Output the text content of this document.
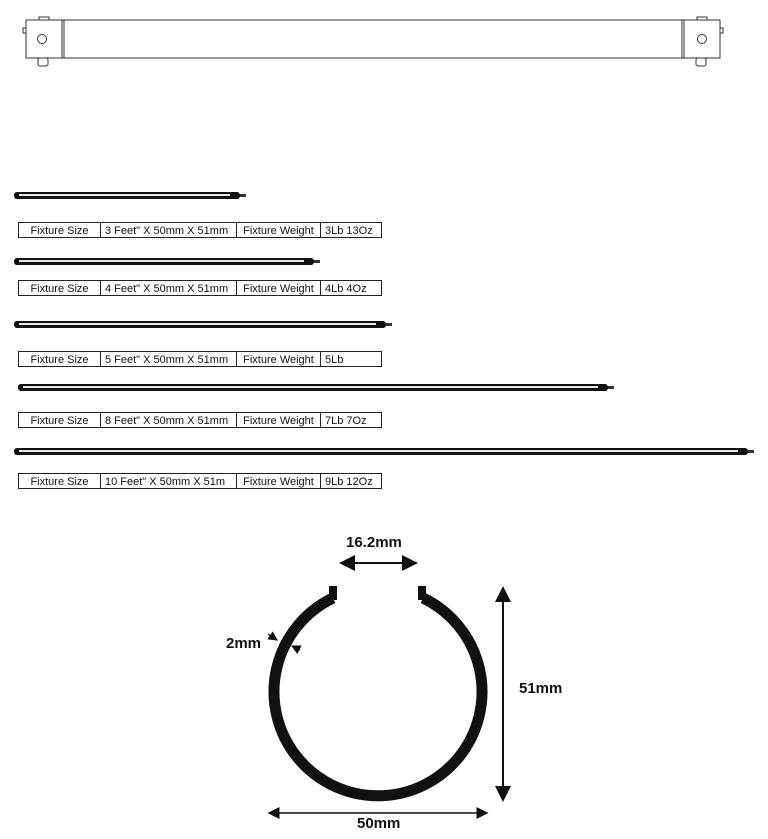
Fixture Size	3 Feet" X 50mm X 51mm	Fixture Weight	3Lb 13Oz
Fixture Size	4 Feet" X 50mm X 51mm	Fixture Weight	4Lb 4Oz
Fixture Size	5 Feet" X 50mm X 51mm	Fixture Weight	5Lb
Fixture Size	8 Feet" X 50mm X 51mm	Fixture Weight	7Lb 7Oz
Fixture Size	10 Feet" X 50mm X 51m	Fixture Weight	9Lb 12Oz
16.2mm
2mm
51mm
50mm
